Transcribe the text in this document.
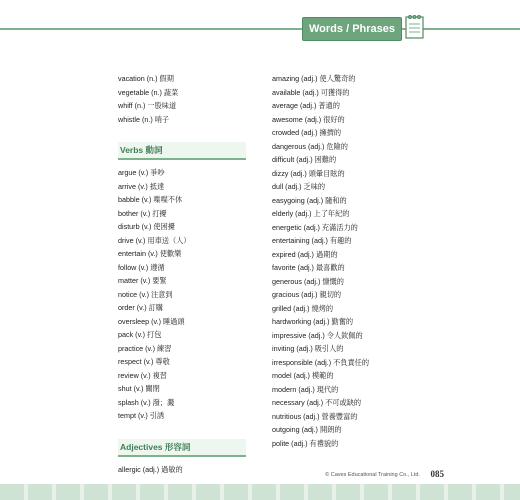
Words / Phrases
vacation (n.) 假期
vegetable (n.) 蔬菜
whiff (n.) 一股味道
whistle (n.) 哨子
Verbs 動詞
argue (v.) 爭吵
arrive (v.) 抵達
babble (v.) 喋喋不休
bother (v.) 打擾
disturb (v.) 使困擾
drive (v.) 用車送（人）
entertain (v.) 使歡樂
follow (v.) 遵循
matter (v.) 要緊
notice (v.) 注意到
order (v.) 訂購
oversleep (v.) 睡過頭
pack (v.) 打包
practice (v.) 練習
respect (v.) 尊敬
review (v.) 複習
shut (v.) 關閉
splash (v.) 潑；濺
tempt (v.) 引誘
Adjectives 形容詞
allergic (adj.) 過敏的
amazing (adj.) 使人驚奇的
available (adj.) 可獲得的
average (adj.) 普通的
awesome (adj.) 很好的
crowded (adj.) 擁擠的
dangerous (adj.) 危險的
difficult (adj.) 困難的
dizzy (adj.) 頭暈目眩的
dull (adj.) 乏味的
easygoing (adj.) 隨和的
elderly (adj.) 上了年紀的
energetic (adj.) 充滿活力的
entertaining (adj.) 有趣的
expired (adj.) 過期的
favorite (adj.) 最喜歡的
generous (adj.) 慷慨的
gracious (adj.) 親切的
grilled (adj.) 燒烤的
hardworking (adj.) 勤奮的
impressive (adj.) 令人欽佩的
inviting (adj.) 吸引人的
irresponsible (adj.) 不負責任的
model (adj.) 模範的
modern (adj.) 現代的
necessary (adj.) 不可或缺的
nutritious (adj.) 營養豐富的
outgoing (adj.) 開朗的
polite (adj.) 有禮貌的
© Caves Educational Training Co., Ltd. 085
